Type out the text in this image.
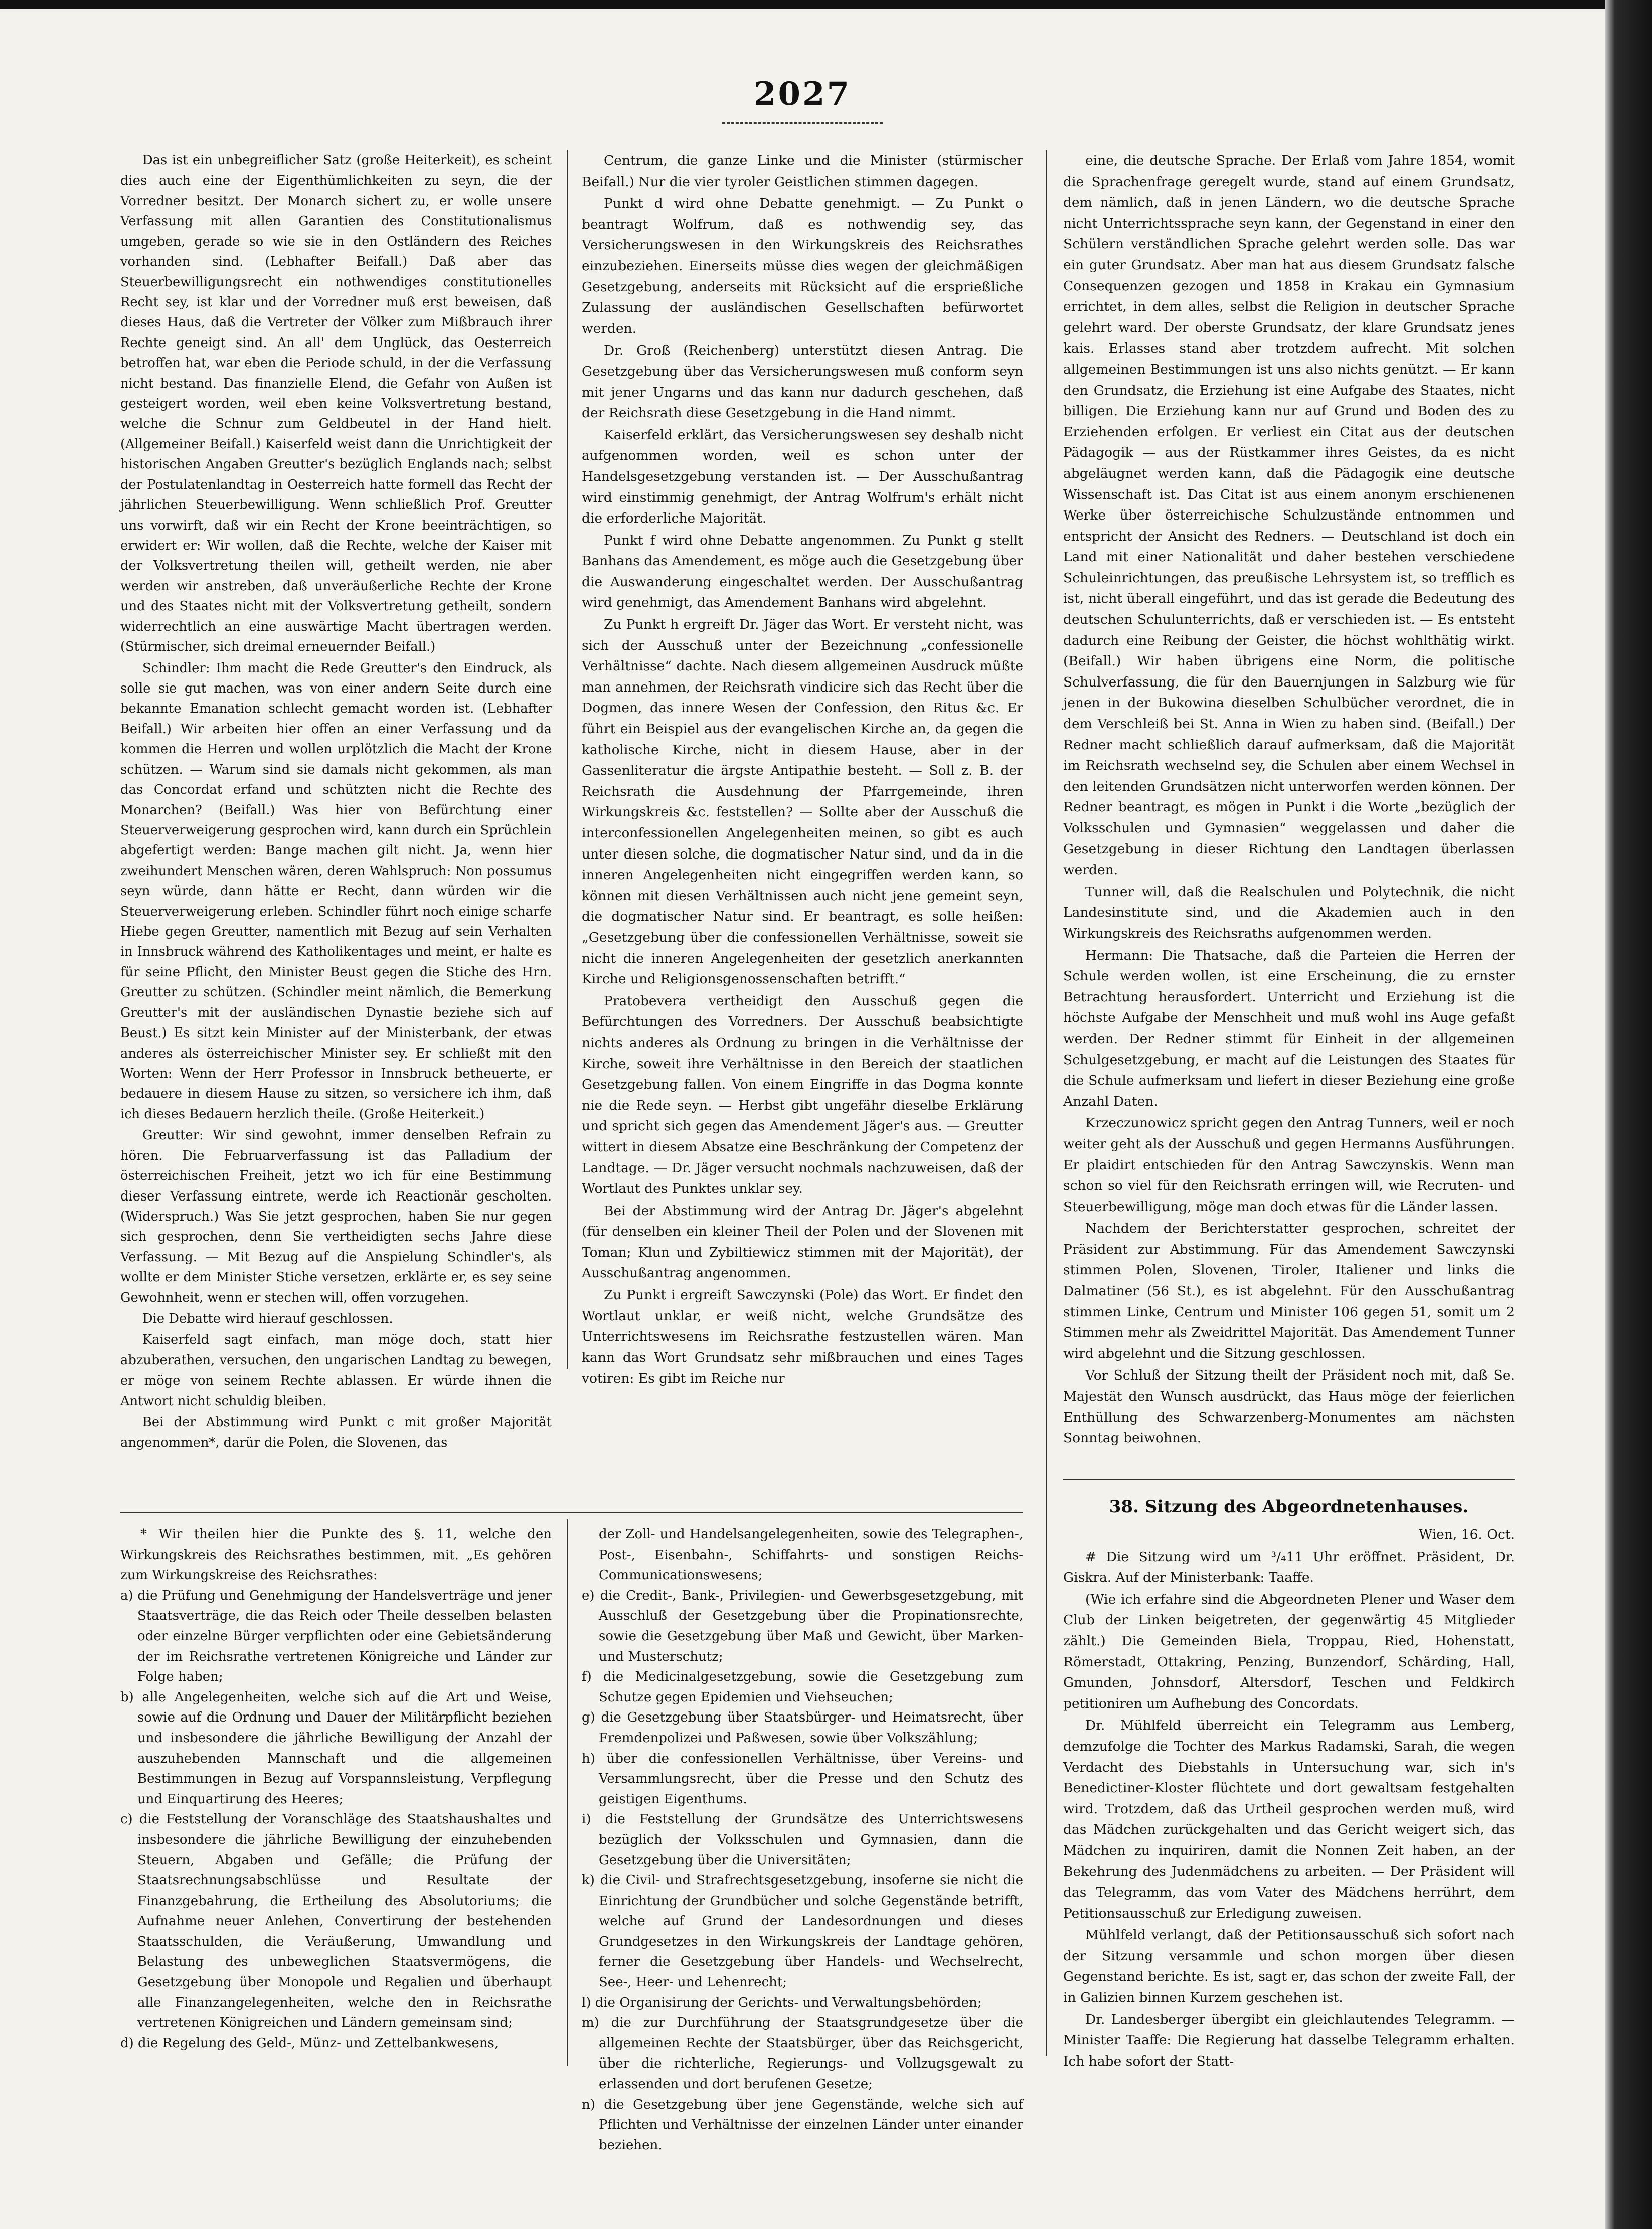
2027

Das ist ein unbegreiflicher Satz (große Heiterkeit), es scheint dies auch eine der Eigenthümlichkeiten zu seyn, die der Vorredner besitzt. Der Monarch sichert zu, er wolle unsere Verfassung mit allen Garantien des Constitutionalismus umgeben, gerade so wie sie in den Ostländern des Reiches vorhanden sind. (Lebhafter Beifall.) Daß aber das Steuerbewilligungsrecht ein nothwendiges constitutionelles Recht sey, ist klar und der Vorredner muß erst beweisen, daß dieses Haus, daß die Vertreter der Völker zum Mißbrauch ihrer Rechte geneigt sind. An all' dem Unglück, das Oesterreich betroffen hat, war eben die Periode schuld, in der die Verfassung nicht bestand. Das finanzielle Elend, die Gefahr von Außen ist gesteigert worden, weil eben keine Volksvertretung bestand, welche die Schnur zum Geldbeutel in der Hand hielt. (Allgemeiner Beifall.) Kaiserfeld weist dann die Unrichtigkeit der historischen Angaben Greutter's bezüglich Englands nach; selbst der Postulatenlandtag in Oesterreich hatte formell das Recht der jährlichen Steuerbewilligung. Wenn schließlich Prof. Greutter uns vorwirft, daß wir ein Recht der Krone beeinträchtigen, so erwidert er: Wir wollen, daß die Rechte, welche der Kaiser mit der Volksvertretung theilen will, getheilt werden, nie aber werden wir anstreben, daß unveräußerliche Rechte der Krone und des Staates nicht mit der Volksvertretung getheilt, sondern widerrechtlich an eine auswärtige Macht übertragen werden. (Stürmischer, sich dreimal erneuernder Beifall.)

Schindler: Ihm macht die Rede Greutter's den Eindruck, als solle sie gut machen, was von einer andern Seite durch eine bekannte Emanation schlecht gemacht worden ist. (Lebhafter Beifall.) Wir arbeiten hier offen an einer Verfassung und da kommen die Herren und wollen urplötzlich die Macht der Krone schützen. — Warum sind sie damals nicht gekommen, als man das Concordat erfand und schützten nicht die Rechte des Monarchen? (Beifall.) Was hier von Befürchtung einer Steuerverweigerung gesprochen wird, kann durch ein Sprüchlein abgefertigt werden: Bange machen gilt nicht. Ja, wenn hier zweihundert Menschen wären, deren Wahlspruch: Non possumus seyn würde, dann hätte er Recht, dann würden wir die Steuerverweigerung erleben. Schindler führt noch einige scharfe Hiebe gegen Greutter, namentlich mit Bezug auf sein Verhalten in Innsbruck während des Katholikentages und meint, er halte es für seine Pflicht, den Minister Beust gegen die Stiche des Hrn. Greutter zu schützen. (Schindler meint nämlich, die Bemerkung Greutter's mit der ausländischen Dynastie beziehe sich auf Beust.) Es sitzt kein Minister auf der Ministerbank, der etwas anderes als österreichischer Minister sey. Er schließt mit den Worten: Wenn der Herr Professor in Innsbruck betheuerte, er bedauere in diesem Hause zu sitzen, so versichere ich ihm, daß ich dieses Bedauern herzlich theile. (Große Heiterkeit.)

Greutter: Wir sind gewohnt, immer denselben Refrain zu hören. Die Februarverfassung ist das Palladium der österreichischen Freiheit, jetzt wo ich für eine Bestimmung dieser Verfassung eintrete, werde ich Reactionär gescholten. (Widerspruch.) Was Sie jetzt gesprochen, haben Sie nur gegen sich gesprochen, denn Sie vertheidigten sechs Jahre diese Verfassung. — Mit Bezug auf die Anspielung Schindler's, als wollte er dem Minister Stiche versetzen, erklärte er, es sey seine Gewohnheit, wenn er stechen will, offen vorzugehen.

Die Debatte wird hierauf geschlossen.

Kaiserfeld sagt einfach, man möge doch, statt hier abzuberathen, versuchen, den ungarischen Landtag zu bewegen, er möge von seinem Rechte ablassen. Er würde ihnen die Antwort nicht schuldig bleiben.

Bei der Abstimmung wird Punkt c mit großer Majorität angenommen*, darür die Polen, die Slovenen, das

Centrum, die ganze Linke und die Minister (stürmischer Beifall.) Nur die vier tyroler Geistlichen stimmen dagegen.

Punkt d wird ohne Debatte genehmigt. — Zu Punkt o beantragt Wolfrum, daß es nothwendig sey, das Versicherungswesen in den Wirkungskreis des Reichsrathes einzubeziehen. Einerseits müsse dies wegen der gleichmäßigen Gesetzgebung, anderseits mit Rücksicht auf die ersprießliche Zulassung der ausländischen Gesellschaften befürwortet werden.

Dr. Groß (Reichenberg) unterstützt diesen Antrag. Die Gesetzgebung über das Versicherungswesen muß conform seyn mit jener Ungarns und das kann nur dadurch geschehen, daß der Reichsrath diese Gesetzgebung in die Hand nimmt.

Kaiserfeld erklärt, das Versicherungswesen sey deshalb nicht aufgenommen worden, weil es schon unter der Handelsgesetzgebung verstanden ist. — Der Ausschußantrag wird einstimmig genehmigt, der Antrag Wolfrum's erhält nicht die erforderliche Majorität.

Punkt f wird ohne Debatte angenommen. Zu Punkt g stellt Banhans das Amendement, es möge auch die Gesetzgebung über die Auswanderung eingeschaltet werden. Der Ausschußantrag wird genehmigt, das Amendement Banhans wird abgelehnt.

Zu Punkt h ergreift Dr. Jäger das Wort. Er versteht nicht, was sich der Ausschuß unter der Bezeichnung „confessionelle Verhältnisse“ dachte. Nach diesem allgemeinen Ausdruck müßte man annehmen, der Reichsrath vindicire sich das Recht über die Dogmen, das innere Wesen der Confession, den Ritus &c. Er führt ein Beispiel aus der evangelischen Kirche an, da gegen die katholische Kirche, nicht in diesem Hause, aber in der Gassenliteratur die ärgste Antipathie besteht. — Soll z. B. der Reichsrath die Ausdehnung der Pfarrgemeinde, ihren Wirkungskreis &c. feststellen? — Sollte aber der Ausschuß die interconfessionellen Angelegenheiten meinen, so gibt es auch unter diesen solche, die dogmatischer Natur sind, und da in die inneren Angelegenheiten nicht eingegriffen werden kann, so können mit diesen Verhältnissen auch nicht jene gemeint seyn, die dogmatischer Natur sind. Er beantragt, es solle heißen: „Gesetzgebung über die confessionellen Verhältnisse, soweit sie nicht die inneren Angelegenheiten der gesetzlich anerkannten Kirche und Religionsgenossenschaften betrifft.“

Pratobevera vertheidigt den Ausschuß gegen die Befürchtungen des Vorredners. Der Ausschuß beabsichtigte nichts anderes als Ordnung zu bringen in die Verhältnisse der Kirche, soweit ihre Verhältnisse in den Bereich der staatlichen Gesetzgebung fallen. Von einem Eingriffe in das Dogma konnte nie die Rede seyn. — Herbst gibt ungefähr dieselbe Erklärung und spricht sich gegen das Amendement Jäger's aus. — Greutter wittert in diesem Absatze eine Beschränkung der Competenz der Landtage. — Dr. Jäger versucht nochmals nachzuweisen, daß der Wortlaut des Punktes unklar sey.

Bei der Abstimmung wird der Antrag Dr. Jäger's abgelehnt (für denselben ein kleiner Theil der Polen und der Slovenen mit Toman; Klun und Zybiltiewicz stimmen mit der Majorität), der Ausschußantrag angenommen.

Zu Punkt i ergreift Sawczynski (Pole) das Wort. Er findet den Wortlaut unklar, er weiß nicht, welche Grundsätze des Unterrichtswesens im Reichsrathe festzustellen wären. Man kann das Wort Grundsatz sehr mißbrauchen und eines Tages votiren: Es gibt im Reiche nur

eine, die deutsche Sprache. Der Erlaß vom Jahre 1854, womit die Sprachenfrage geregelt wurde, stand auf einem Grundsatz, dem nämlich, daß in jenen Ländern, wo die deutsche Sprache nicht Unterrichtssprache seyn kann, der Gegenstand in einer den Schülern verständlichen Sprache gelehrt werden solle. Das war ein guter Grundsatz. Aber man hat aus diesem Grundsatz falsche Consequenzen gezogen und 1858 in Krakau ein Gymnasium errichtet, in dem alles, selbst die Religion in deutscher Sprache gelehrt ward. Der oberste Grundsatz, der klare Grundsatz jenes kais. Erlasses stand aber trotzdem aufrecht. Mit solchen allgemeinen Bestimmungen ist uns also nichts genützt. — Er kann den Grundsatz, die Erziehung ist eine Aufgabe des Staates, nicht billigen. Die Erziehung kann nur auf Grund und Boden des zu Erziehenden erfolgen. Er verliest ein Citat aus der deutschen Pädagogik — aus der Rüstkammer ihres Geistes, da es nicht abgeläugnet werden kann, daß die Pädagogik eine deutsche Wissenschaft ist. Das Citat ist aus einem anonym erschienenen Werke über österreichische Schulzustände entnommen und entspricht der Ansicht des Redners. — Deutschland ist doch ein Land mit einer Nationalität und daher bestehen verschiedene Schuleinrichtungen, das preußische Lehrsystem ist, so trefflich es ist, nicht überall eingeführt, und das ist gerade die Bedeutung des deutschen Schulunterrichts, daß er verschieden ist. — Es entsteht dadurch eine Reibung der Geister, die höchst wohlthätig wirkt. (Beifall.) Wir haben übrigens eine Norm, die politische Schulverfassung, die für den Bauernjungen in Salzburg wie für jenen in der Bukowina dieselben Schulbücher verordnet, die in dem Verschleiß bei St. Anna in Wien zu haben sind. (Beifall.) Der Redner macht schließlich darauf aufmerksam, daß die Majorität im Reichsrath wechselnd sey, die Schulen aber einem Wechsel in den leitenden Grundsätzen nicht unterworfen werden können. Der Redner beantragt, es mögen in Punkt i die Worte „bezüglich der Volksschulen und Gymnasien“ weggelassen und daher die Gesetzgebung in dieser Richtung den Landtagen überlassen werden.

Tunner will, daß die Realschulen und Polytechnik, die nicht Landesinstitute sind, und die Akademien auch in den Wirkungskreis des Reichsraths aufgenommen werden.

Hermann: Die Thatsache, daß die Parteien die Herren der Schule werden wollen, ist eine Erscheinung, die zu ernster Betrachtung herausfordert. Unterricht und Erziehung ist die höchste Aufgabe der Menschheit und muß wohl ins Auge gefaßt werden. Der Redner stimmt für Einheit in der allgemeinen Schulgesetzgebung, er macht auf die Leistungen des Staates für die Schule aufmerksam und liefert in dieser Beziehung eine große Anzahl Daten.

Krzeczunowicz spricht gegen den Antrag Tunners, weil er noch weiter geht als der Ausschuß und gegen Hermanns Ausführungen. Er plaidirt entschieden für den Antrag Sawczynskis. Wenn man schon so viel für den Reichsrath erringen will, wie Recruten- und Steuerbewilligung, möge man doch etwas für die Länder lassen.

Nachdem der Berichterstatter gesprochen, schreitet der Präsident zur Abstimmung. Für das Amendement Sawczynski stimmen Polen, Slovenen, Tiroler, Italiener und links die Dalmatiner (56 St.), es ist abgelehnt. Für den Ausschußantrag stimmen Linke, Centrum und Minister 106 gegen 51, somit um 2 Stimmen mehr als Zweidrittel Majorität. Das Amendement Tunner wird abgelehnt und die Sitzung geschlossen.

Vor Schluß der Sitzung theilt der Präsident noch mit, daß Se. Majestät den Wunsch ausdrückt, das Haus möge der feierlichen Enthüllung des Schwarzenberg-Monumentes am nächsten Sonntag beiwohnen.

38. Sitzung des Abgeordnetenhauses.

Wien, 16. Oct.

# Die Sitzung wird um ³/₄11 Uhr eröffnet. Präsident, Dr. Giskra. Auf der Ministerbank: Taaffe.

(Wie ich erfahre sind die Abgeordneten Plener und Waser dem Club der Linken beigetreten, der gegenwärtig 45 Mitglieder zählt.) Die Gemeinden Biela, Troppau, Ried, Hohenstatt, Römerstadt, Ottakring, Penzing, Bunzendorf, Schärding, Hall, Gmunden, Johnsdorf, Altersdorf, Teschen und Feldkirch petitioniren um Aufhebung des Concordats.

Dr. Mühlfeld überreicht ein Telegramm aus Lemberg, demzufolge die Tochter des Markus Radamski, Sarah, die wegen Verdacht des Diebstahls in Untersuchung war, sich in's Benedictiner-Kloster flüchtete und dort gewaltsam festgehalten wird. Trotzdem, daß das Urtheil gesprochen werden muß, wird das Mädchen zurückgehalten und das Gericht weigert sich, das Mädchen zu inquiriren, damit die Nonnen Zeit haben, an der Bekehrung des Judenmädchens zu arbeiten. — Der Präsident will das Telegramm, das vom Vater des Mädchens herrührt, dem Petitionsausschuß zur Erledigung zuweisen.

Mühlfeld verlangt, daß der Petitionsausschuß sich sofort nach der Sitzung versammle und schon morgen über diesen Gegenstand berichte. Es ist, sagt er, das schon der zweite Fall, der in Galizien binnen Kurzem geschehen ist.

Dr. Landesberger übergibt ein gleichlautendes Telegramm. — Minister Taaffe: Die Regierung hat dasselbe Telegramm erhalten. Ich habe sofort der Statt-

* Wir theilen hier die Punkte des §. 11, welche den Wirkungskreis des Reichsrathes bestimmen, mit. „Es gehören zum Wirkungskreise des Reichsrathes:

a) die Prüfung und Genehmigung der Handelsverträge und jener Staatsverträge, die das Reich oder Theile desselben belasten oder einzelne Bürger verpflichten oder eine Gebietsänderung der im Reichsrathe vertretenen Königreiche und Länder zur Folge haben;

b) alle Angelegenheiten, welche sich auf die Art und Weise, sowie auf die Ordnung und Dauer der Militärpflicht beziehen und insbesondere die jährliche Bewilligung der Anzahl der auszuhebenden Mannschaft und die allgemeinen Bestimmungen in Bezug auf Vorspannsleistung, Verpflegung und Einquartirung des Heeres;

c) die Feststellung der Voranschläge des Staatshaushaltes und insbesondere die jährliche Bewilligung der einzuhebenden Steuern, Abgaben und Gefälle; die Prüfung der Staatsrechnungsabschlüsse und Resultate der Finanzgebahrung, die Ertheilung des Absolutoriums; die Aufnahme neuer Anlehen, Convertirung der bestehenden Staatsschulden, die Veräußerung, Umwandlung und Belastung des unbeweglichen Staatsvermögens, die Gesetzgebung über Monopole und Regalien und überhaupt alle Finanzangelegenheiten, welche den in Reichsrathe vertretenen Königreichen und Ländern gemeinsam sind;

d) die Regelung des Geld-, Münz- und Zettelbankwesens,

der Zoll- und Handelsangelegenheiten, sowie des Telegraphen-, Post-, Eisenbahn-, Schiffahrts- und sonstigen Reichs-Communicationswesens;

e) die Credit-, Bank-, Privilegien- und Gewerbsgesetzgebung, mit Ausschluß der Gesetzgebung über die Propinationsrechte, sowie die Gesetzgebung über Maß und Gewicht, über Marken- und Musterschutz;

f) die Medicinalgesetzgebung, sowie die Gesetzgebung zum Schutze gegen Epidemien und Viehseuchen;

g) die Gesetzgebung über Staatsbürger- und Heimatsrecht, über Fremdenpolizei und Paßwesen, sowie über Volkszählung;

h) über die confessionellen Verhältnisse, über Vereins- und Versammlungsrecht, über die Presse und den Schutz des geistigen Eigenthums.

i) die Feststellung der Grundsätze des Unterrichtswesens bezüglich der Volksschulen und Gymnasien, dann die Gesetzgebung über die Universitäten;

k) die Civil- und Strafrechtsgesetzgebung, insoferne sie nicht die Einrichtung der Grundbücher und solche Gegenstände betrifft, welche auf Grund der Landesordnungen und dieses Grundgesetzes in den Wirkungskreis der Landtage gehören, ferner die Gesetzgebung über Handels- und Wechselrecht, See-, Heer- und Lehenrecht;

l) die Organisirung der Gerichts- und Verwaltungsbehörden;

m) die zur Durchführung der Staatsgrundgesetze über die allgemeinen Rechte der Staatsbürger, über das Reichsgericht, über die richterliche, Regierungs- und Vollzugsgewalt zu erlassenden und dort berufenen Gesetze;

n) die Gesetzgebung über jene Gegenstände, welche sich auf Pflichten und Verhältnisse der einzelnen Länder unter einander beziehen.
